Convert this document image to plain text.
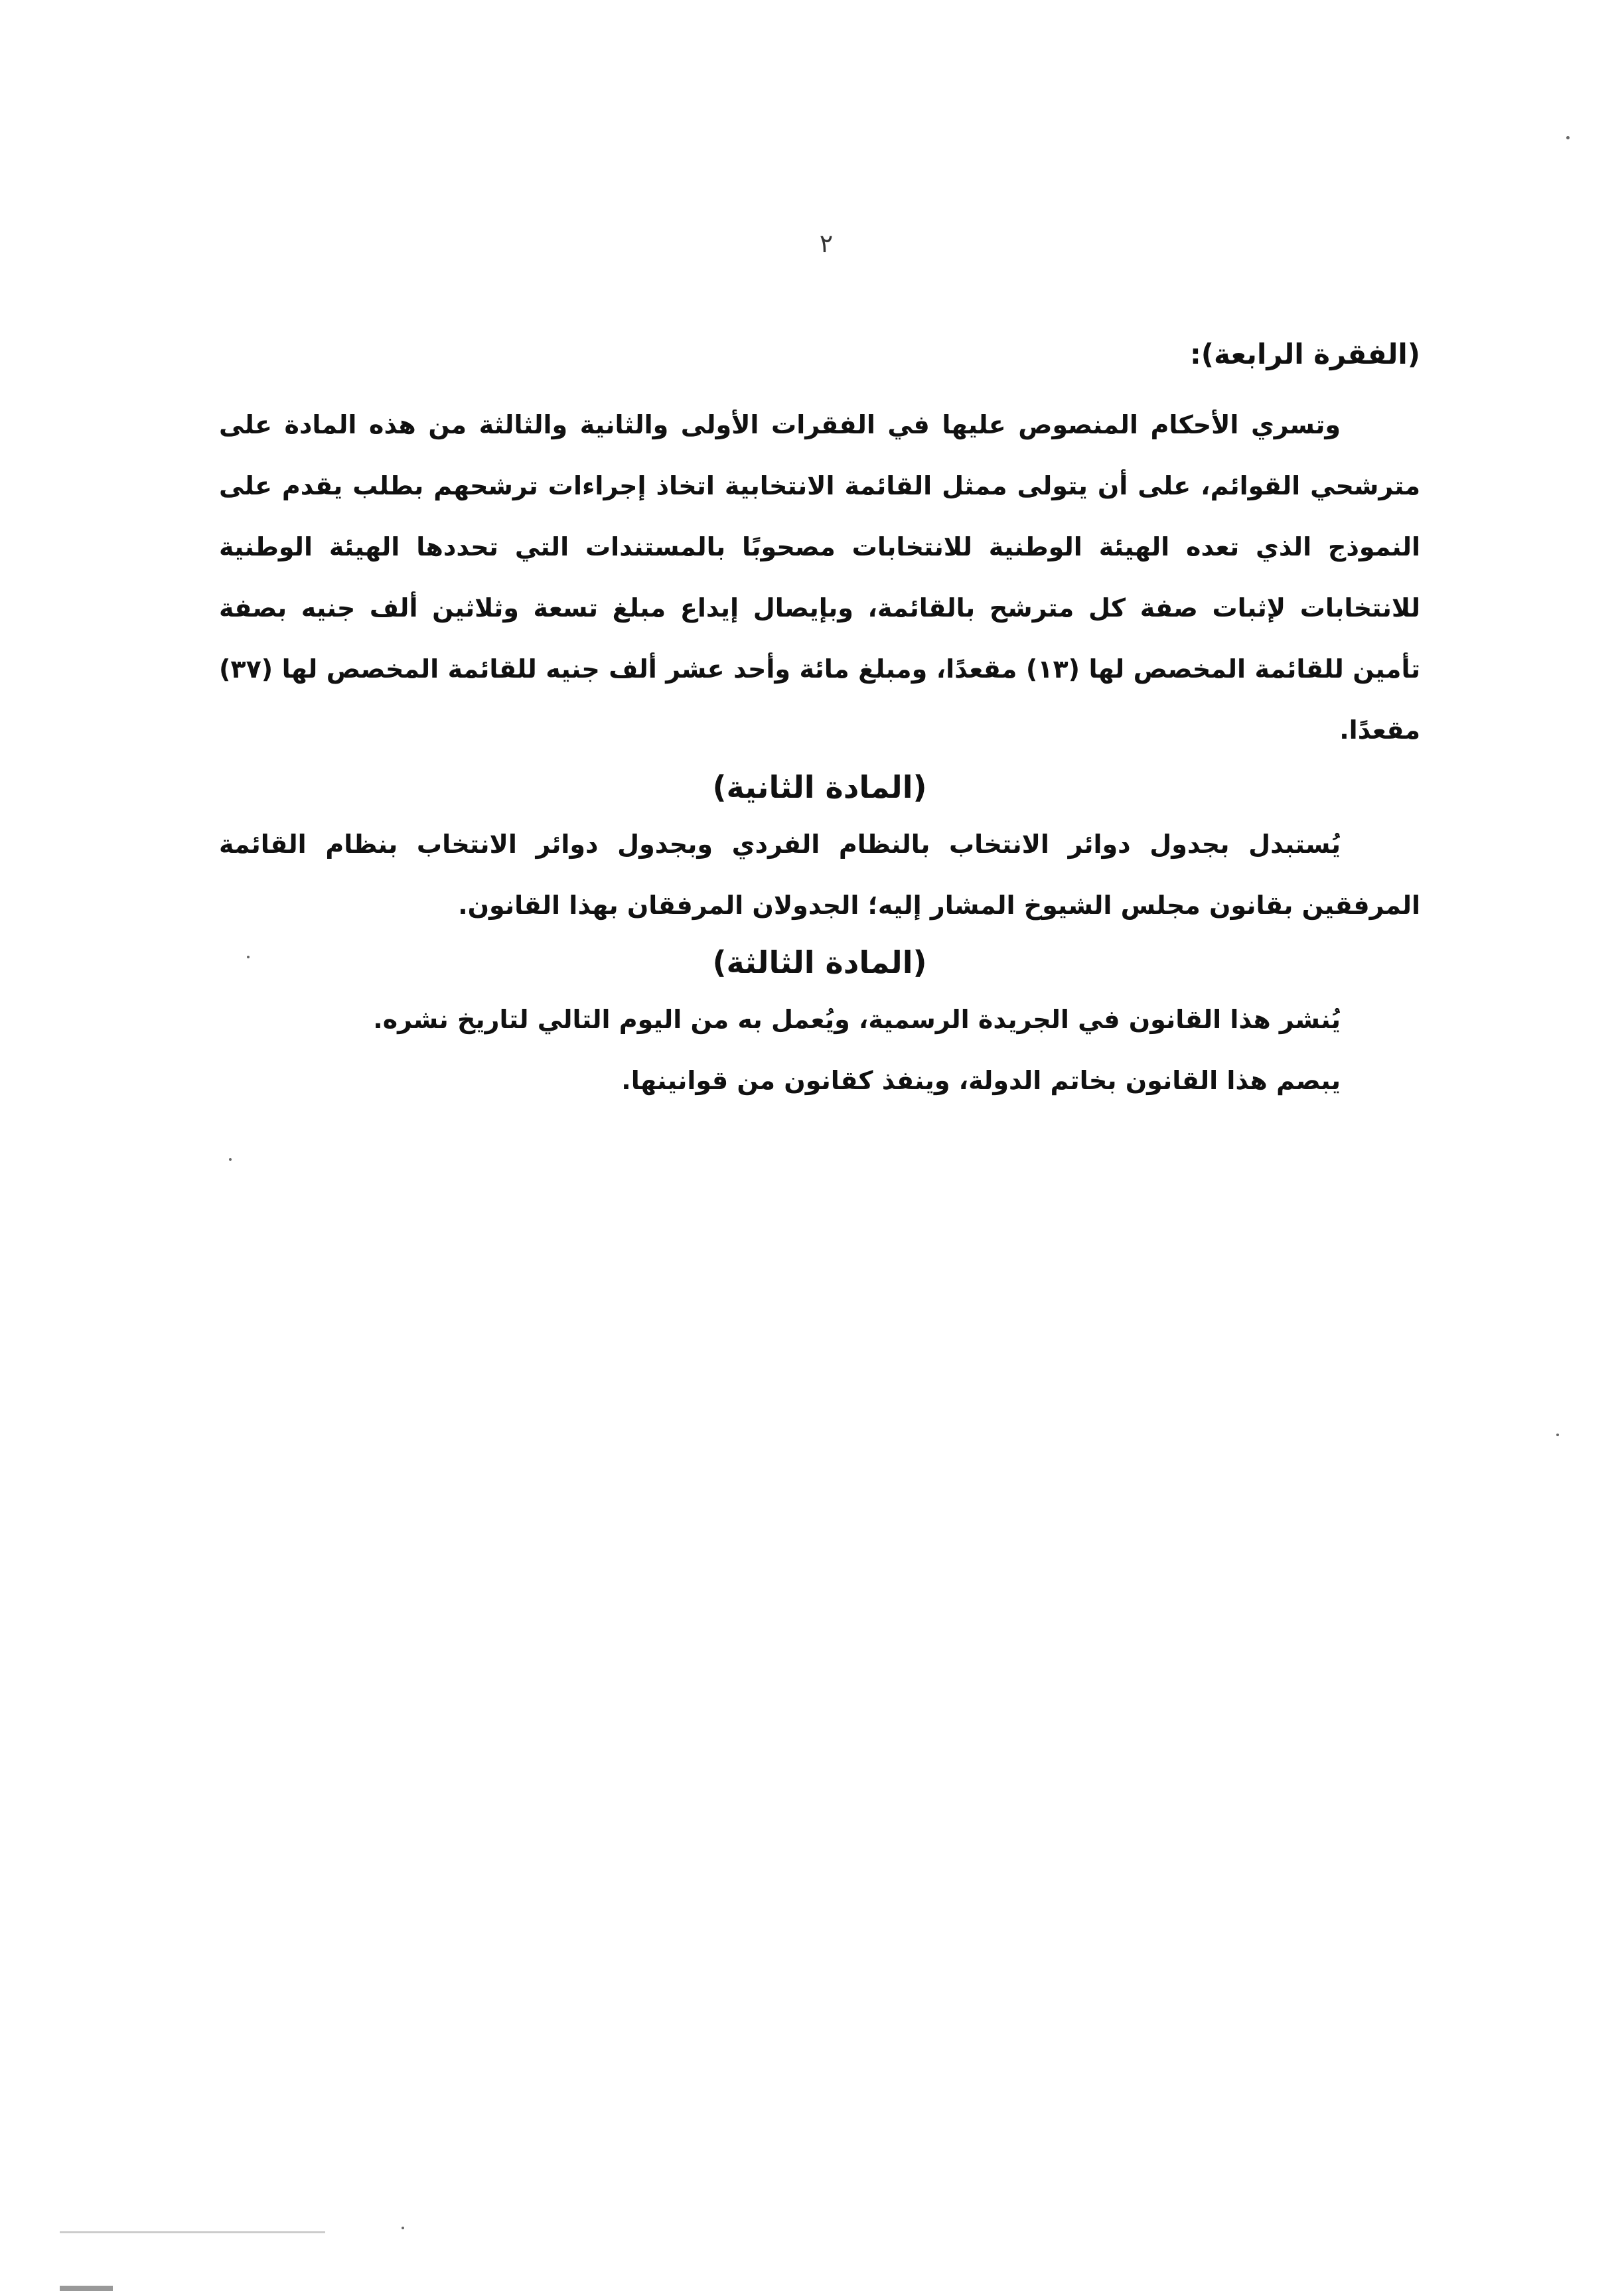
٢
(الفقرة الرابعة):

وتسري الأحكام المنصوص عليها في الفقرات الأولى والثانية والثالثة من هذه المادة على مترشحي القوائم، على أن يتولى ممثل القائمة الانتخابية اتخاذ إجراءات ترشحهم بطلب يقدم على النموذج الذي تعده الهيئة الوطنية للانتخابات مصحوبًا بالمستندات التي تحددها الهيئة الوطنية للانتخابات لإثبات صفة كل مترشح بالقائمة، وبإيصال إيداع مبلغ تسعة وثلاثين ألف جنيه بصفة تأمين للقائمة المخصص لها (١٣) مقعدًا، ومبلغ مائة وأحد عشر ألف جنيه للقائمة المخصص لها (٣٧) مقعدًا.

(المادة الثانية)

يُستبدل بجدول دوائر الانتخاب بالنظام الفردي وبجدول دوائر الانتخاب بنظام القائمة المرفقين بقانون مجلس الشيوخ المشار إليه؛ الجدولان المرفقان بهذا القانون.

(المادة الثالثة)

يُنشر هذا القانون في الجريدة الرسمية، ويُعمل به من اليوم التالي لتاريخ نشره.

يبصم هذا القانون بخاتم الدولة، وينفذ كقانون من قوانينها.
